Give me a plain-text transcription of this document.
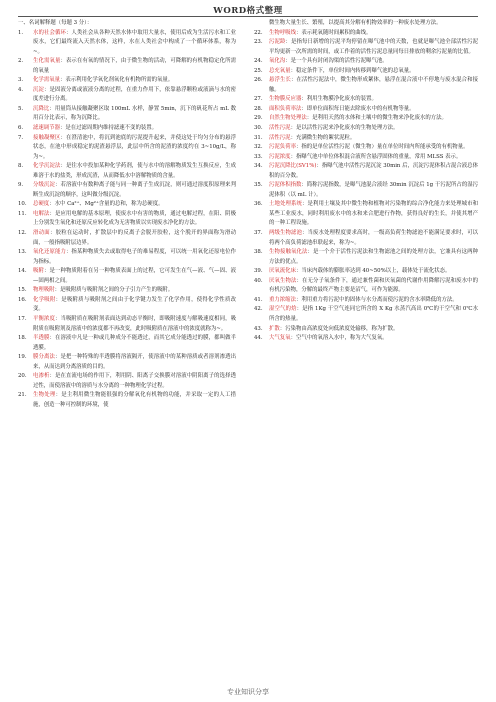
WORD格式整理

一、名词解释题（每题 3 分）：

1.	水的社会循环：人类社会从各种天然水体中取用大量水，使用后成为生活污水和工业废水，它们最终流入天然水体，这样，水在人类社会中构成了一个循环体系，称为~。
2.	生化需氧量：表示在有氧的情况下，由于微生物的活动，可降解的有机物稳定化所需的氧量
3.	化学需氧量：表示利用化学氧化剂氧化有机物所需的氧量。
4.	沉淀：是固液分离或液液分离的过程，在重力作用下，依靠悬浮颗粒或液滴与水的密度差进行分离。
5.	沉降比：用量筒从接触凝聚区取 100mL 水样，静置 5min，沉下的矾花所占 mL 数用百分比表示，称为沉降比。
6.	滤速调节器：是在过滤周期内维持滤速不变的装置。
7.	接触凝聚区：在澄清池中，将沉到池底的污泥提升起来，并使这处于均匀分布的悬浮状态，在池中形成稳定的泥渣悬浮层，此层中所含的泥渣的浓度约在 3~10g/L，称为~。
8.	化学沉淀法：是往水中投加某种化学药剂，使与水中的溶解物质发生互换反应，生成难溶于水的盐类，形成沉渣，从而降低水中溶解物质的含量。
9.	分级沉淀：若溶液中有数种离子能与同一种离子生成沉淀，则可通过溶度积原理来判断生成沉淀的顺序，这叫做分级沉淀。
10.	总硬度：水中 Ca²⁺、Mg²⁺含量的总和，称为总硬度。
11.	电解法：是应用电解的基本原理，使废水中有害的物质，通过电解过程，在阳、阴极上分别发生氧化和还原反应转化成为无害物质以实现废水净化的方法。
12.	滑动面：胶粒在运动时，扩散层中的反离子会脱开胶粒，这个脱开的界面称为滑动面，一般指吸附层边界。
13.	氧化还原能力：指某种物质失去或取得电子的难易程度，可以统一用氧化还原电位作为指标。
14.	吸附：是一种物质附着在另一种物质表面上的过程，它可发生在气—液、气—固、液—固两相之间。
15.	物理吸附：是吸附质与吸附剂之间的分子引力产生的吸附。
16.	化学吸附：是吸附质与吸附剂之间由于化学键力发生了化学作用，使得化学性质改变。
17.	平衡浓度：当吸附质在吸附剂表面达到动态平衡时，即吸附速度与解吸速度相同，吸附质在吸附剂及溶液中的浓度都不再改变，此时吸附质在溶液中的浓度就称为~。
18.	半透膜：在溶液中凡是一种或几种成分不能透过，而其它成分能透过的膜，都叫做半透膜。
19.	膜分离法：是把一种特殊的半透膜将溶液隔开，使溶液中的某种溶质或者溶剂渗透出来，从而达到分离溶质的目的。
20.	电渗析：是在直流电场的作用下，利用阴、阳离子交换膜对溶液中阴阳离子的选择透过性，而使溶液中的溶质与水分离的一种物理化学过程。
21.	生物处理：是主利用微生物能很强的分解氧化有机物的功能，并采取一定的人工措施，创造一种可控制的环境，使
微生物大量生长、繁殖，以提高其分解有机物效率的一种废水处理方法。
22.	生物呼吸线：表示耗氧随时间累积的曲线。
23.	污泥龄：是指每日新增的污泥平均停留在曝气池中的天数，也就是曝气池全部活性污泥平均更新一次所需的时间，或工作着的活性污泥总量同每日排放的剩余污泥量的比值。
24.	氧化沟：是一个具有封闭沟渠的活性污泥曝气池。
25.	总充氧量：稳定条件下，单位时间内转移到曝气池的总氧量。
26.	悬浮生长：在活性污泥法中，微生物形成絮体，悬浮在混合液中不停地与废水混合和接触。
27.	生物膜反应器：利用生物膜净化废水的装置。
28.	面积负荷率法：即单位面积每日能去除废水中的有机物等量。
29.	自然生物处理法：是利用天然的水体和土壤中的微生物来净化废水的方法。
30.	活性污泥：是以活性污泥来净化废水的生物处理方法。
31.	活性污泥：充满微生物的絮状泥粒。
32.	污泥负荷率：指的是单位活性污泥（微生物）量在单位时间内所能承受的有机物量。
33.	污泥浓度：指曝气池中单位体积混合液所含悬浮固体的重量，常用 MLSS 表示。
34.	污泥沉降比(SV1%)：指曝气池中活性污泥沉淀 30min 后，沉淀污泥体积占混合液总体积的百分数。
35.	污泥体积指数：简称污泥指数，是曝气池混合液经 30min 沉淀后 1g 干污泥所占的湿污泥体积（以 mL 计）。
36.	土地处理系统：是利用土壤及其中微生物和植物对污染物的综合净化能力来处理城市和某些工业废水，同时利用废水中的水和来合肥进行作物，获得良好的生长，并使其增产的一种工程设施。
37.	两级生物滤池：当废水处理程度要求高时，一级高负荷生物滤池不能满足要求时，可以将两个高负荷滤池串联起来，称为~。
38.	生物接触氧化法：是一个介于活性污泥法和生物滤池之间的处理方法，它兼具有这两种方法的优点。
39.	厌氧流化床：当床内载体的膨胀率达到 40~50%以上，载体处于流化状态。
40.	厌氧生物法：在无分子氧条件下，通过兼性菌和厌氧菌的代谢作用降解污泥和废水中的有机污染物，分解的最终产物主要是沼气，可作为能源。
41.	重力浓缩法：利用重力将污泥中的固体与水分离而使污泥的含水率降低的方法。
42.	湿空气的焓：是指 1Kg 干空气连同它所含的 X Kg 水蒸汽高出 0℃的干空气和 0℃水所含的热量。
43.	扩散：污染物由高浓度处向低浓度处输移，称为扩散。
44.	大气复氧：空气中的氧溶入水中，称为大气复氧。
专业知识分享
